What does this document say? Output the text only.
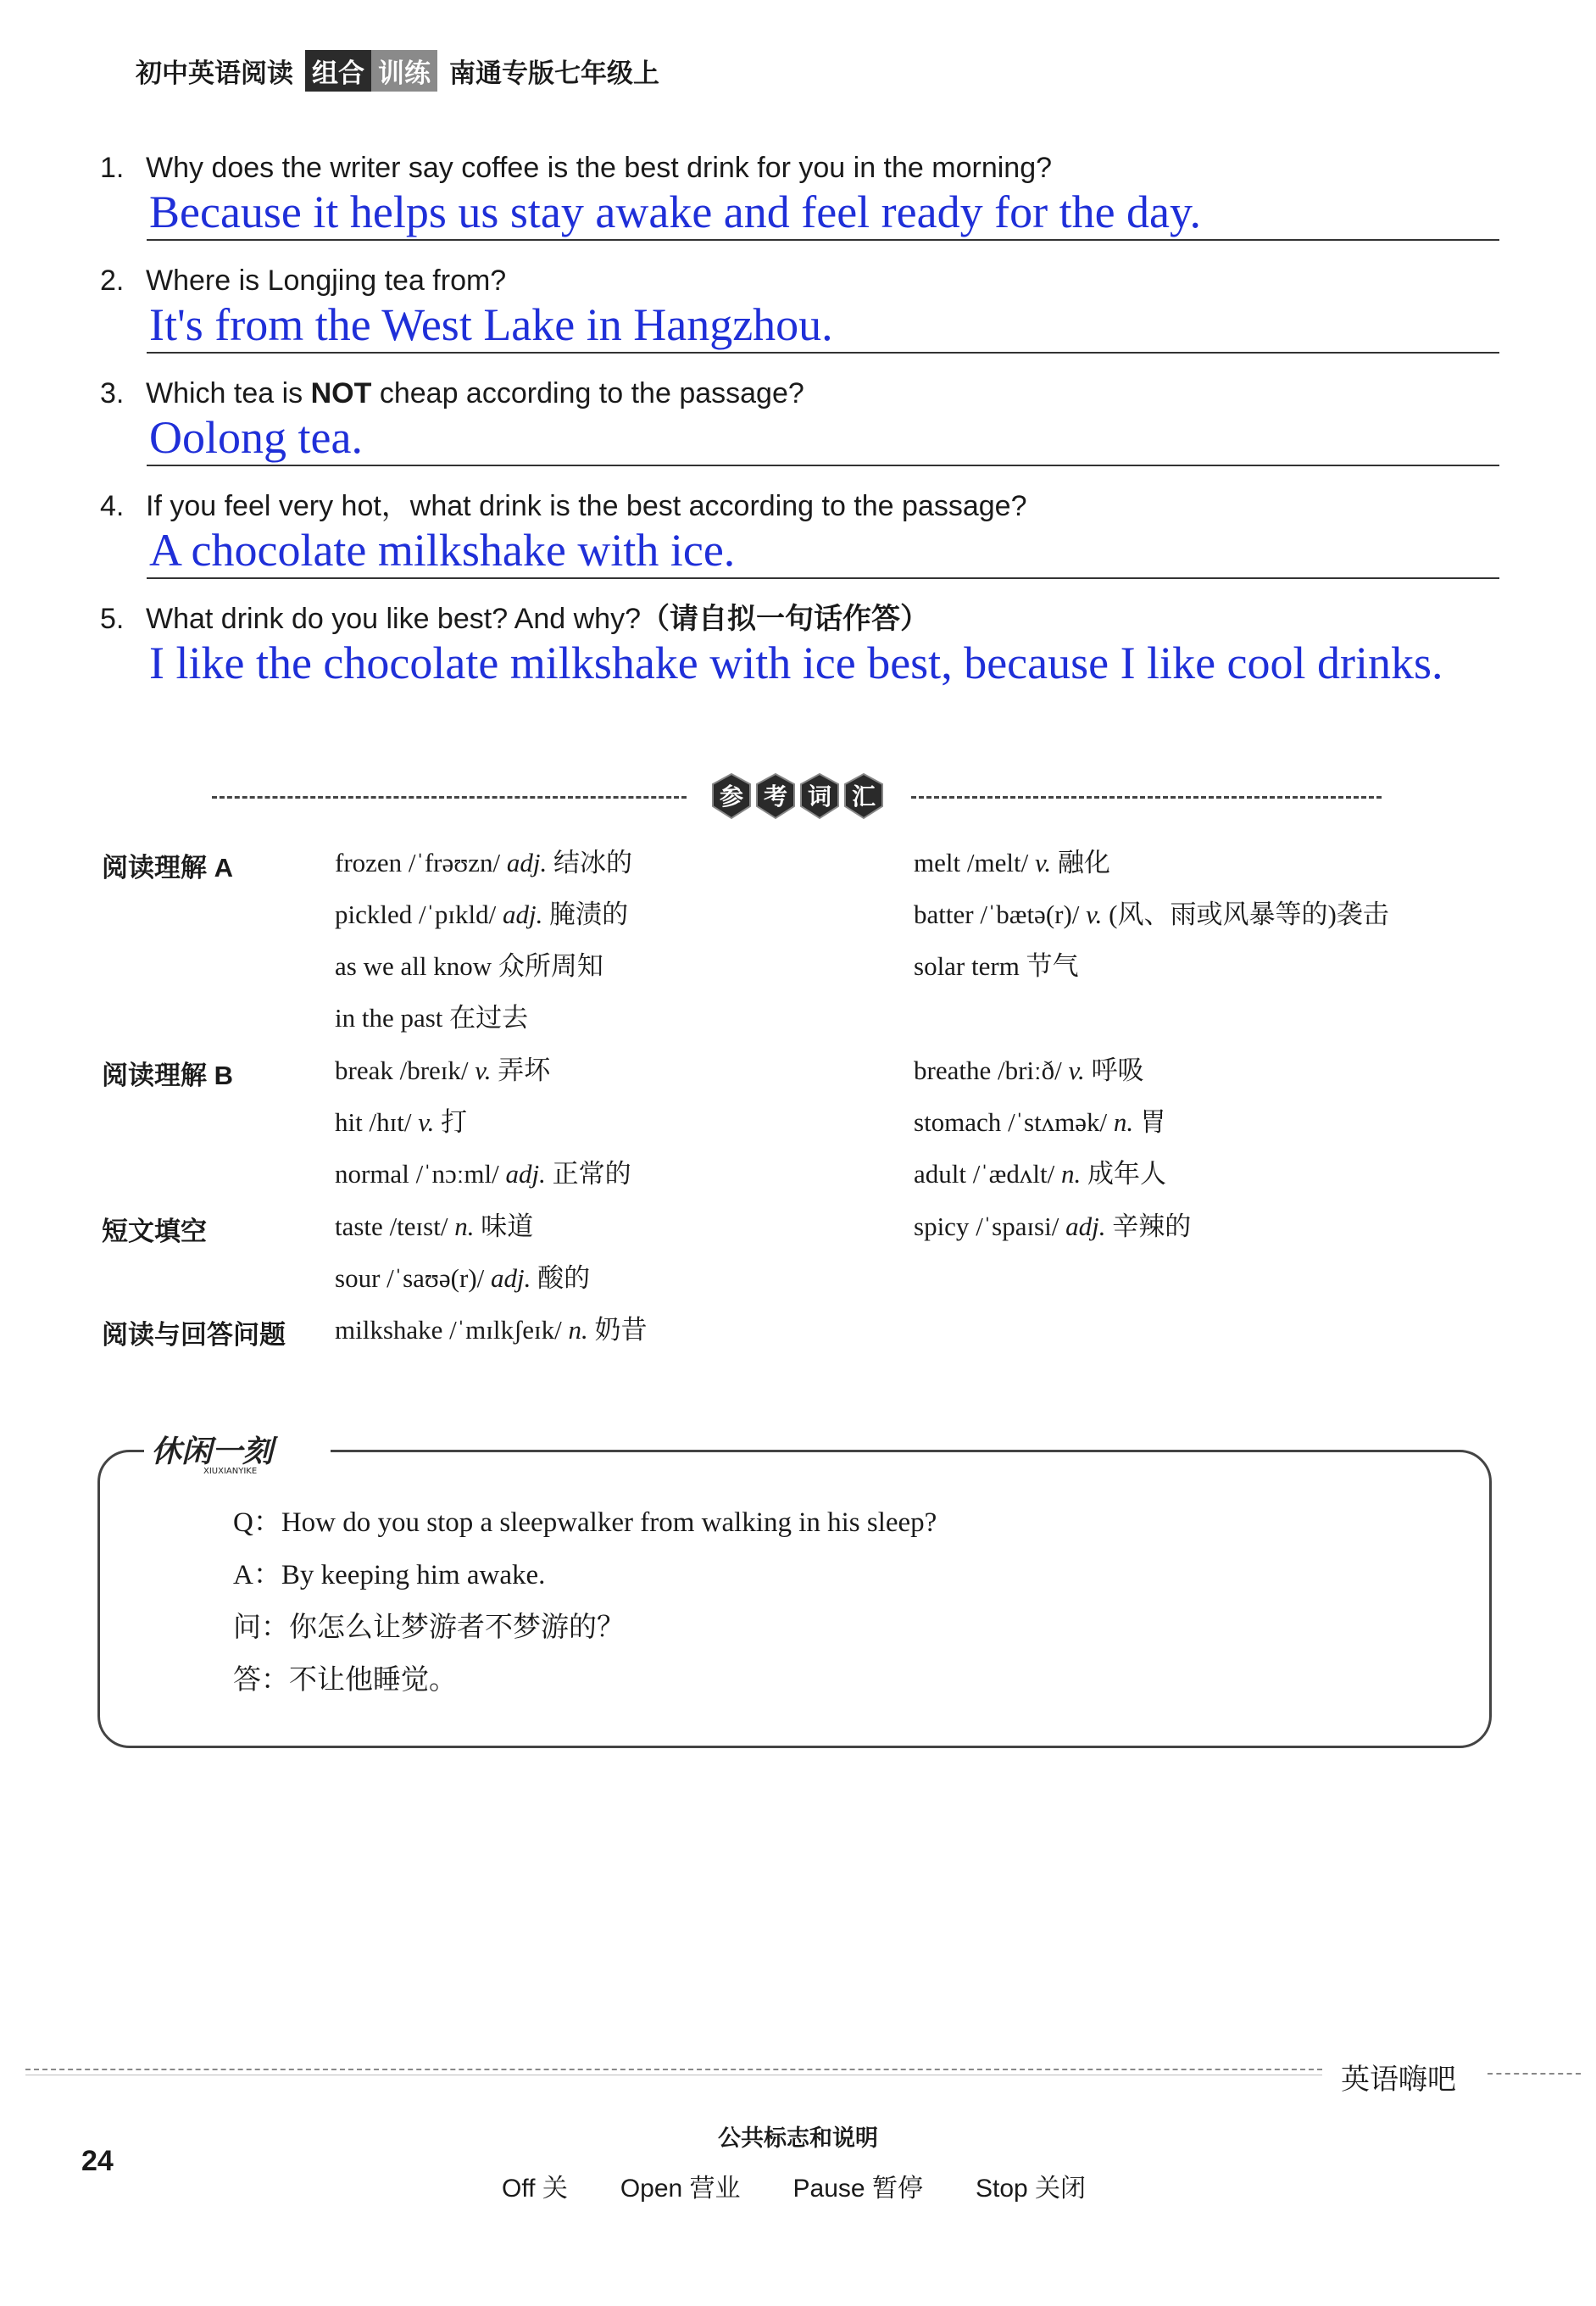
初中英语阅读 组合 训练 南通专版七年级上
1. Why does the writer say coffee is the best drink for you in the morning?
Because it helps us stay awake and feel ready for the day.
2. Where is Longjing tea from?
It's from the West Lake in Hangzhou.
3. Which tea is NOT cheap according to the passage?
Oolong tea.
4. If you feel very hot，what drink is the best according to the passage?
A chocolate milkshake with ice.
5. What drink do you like best? And why?（请自拟一句话作答）
I like the chocolate milkshake with ice best, because I like cool drinks.
参 考 词 汇
阅读理解 A
阅读理解 B
短文填空
阅读与回答问题
frozen /ˈfrəʊzn/ adj. 结冰的
pickled /ˈpɪkld/ adj. 腌渍的
as we all know 众所周知
in the past 在过去
break /breɪk/ v. 弄坏
hit /hɪt/ v. 打
normal /ˈnɔːml/ adj. 正常的
taste /teɪst/ n. 味道
sour /ˈsaʊə(r)/ adj. 酸的
milkshake /ˈmɪlkʃeɪk/ n. 奶昔
melt /melt/ v. 融化
batter /ˈbætə(r)/ v. (风、雨或风暴等的)袭击
solar term 节气
breathe /briːð/ v. 呼吸
stomach /ˈstʌmək/ n. 胃
adult /ˈædʌlt/ n. 成年人
spicy /ˈspaɪsi/ adj. 辛辣的
休闲一刻
XIUXIANYIKE
Q：How do you stop a sleepwalker from walking in his sleep?
A：By keeping him awake.
问：你怎么让梦游者不梦游的？
答：不让他睡觉。
英语嗨吧
24
公共标志和说明
Off 关 Open 营业 Pause 暂停 Stop 关闭
